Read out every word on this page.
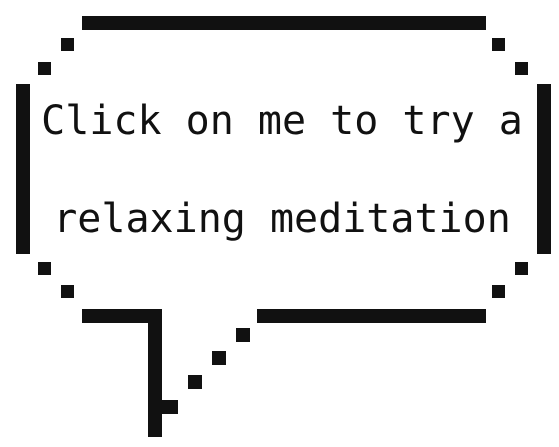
Click on me to try a
relaxing meditation
